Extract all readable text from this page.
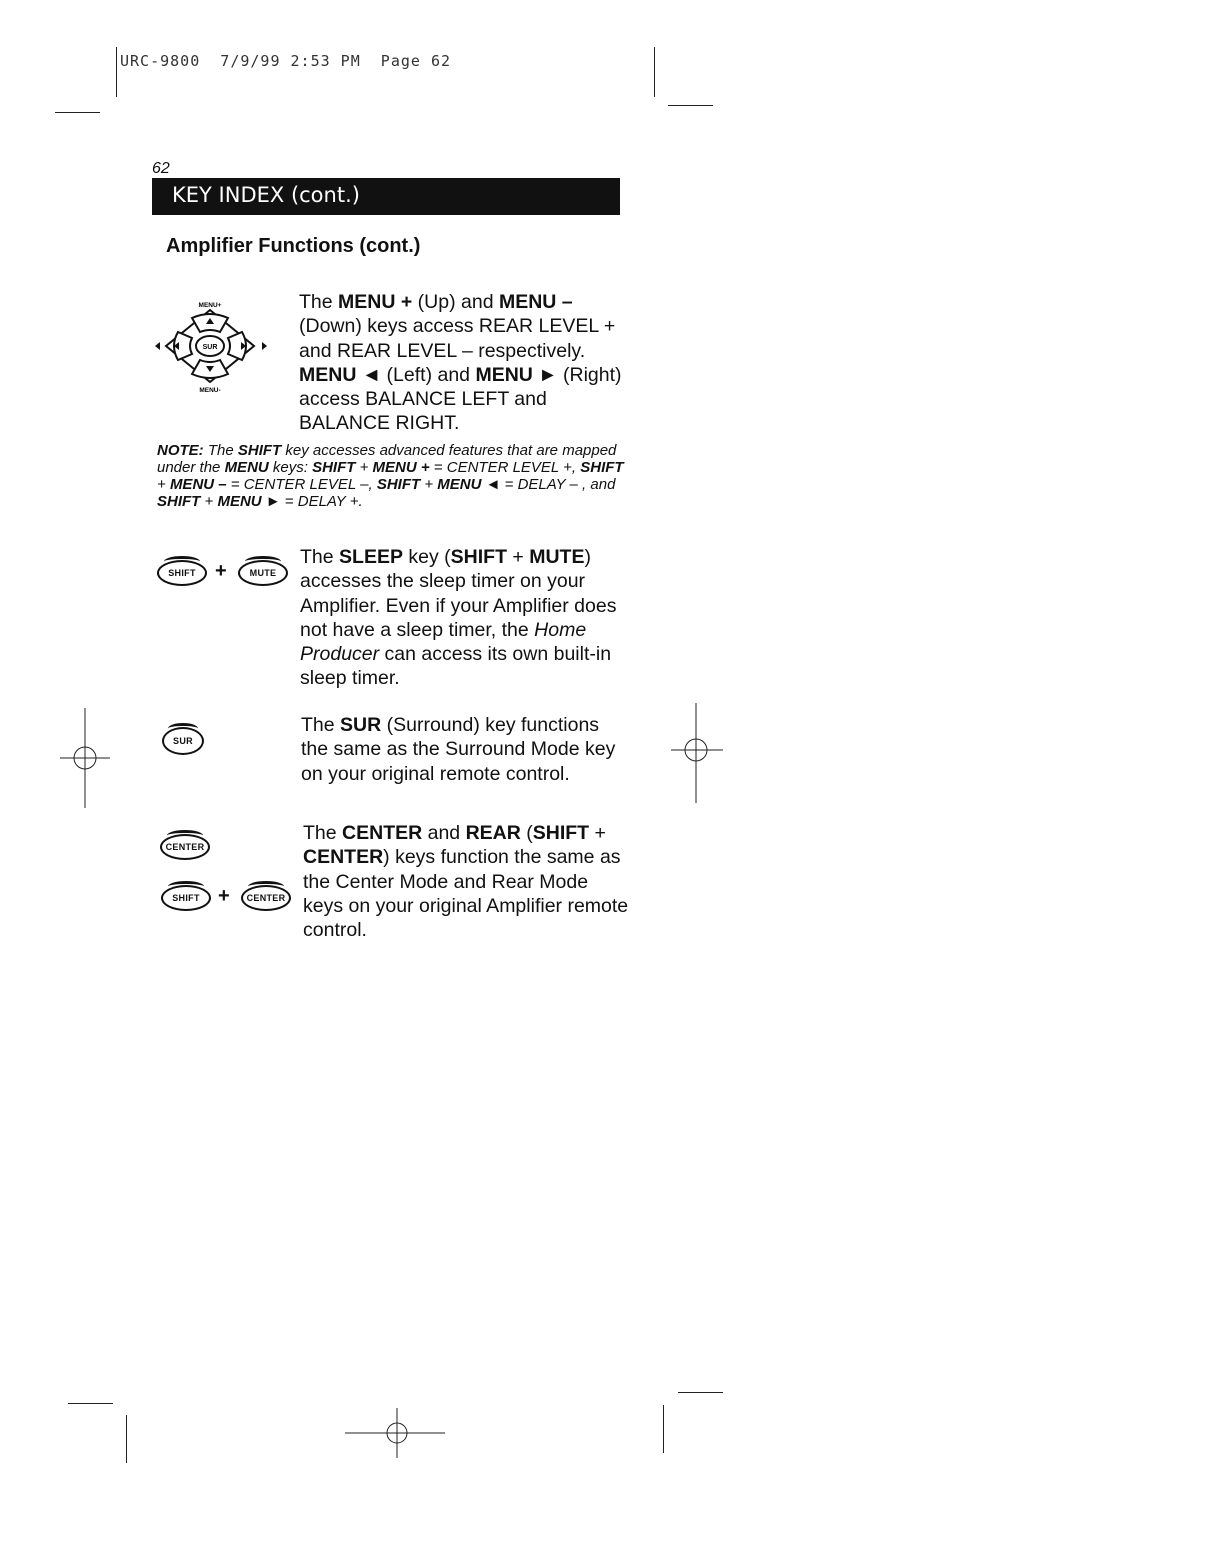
URC-9800  7/9/99 2:53 PM  Page 62
62
KEY INDEX (cont.)
Amplifier Functions (cont.)
MENU+
MENU-
SUR
The MENU + (Up) and MENU – (Down) keys access REAR LEVEL + and REAR LEVEL – respectively.
MENU ◄ (Left) and MENU ► (Right) access BALANCE LEFT and BALANCE RIGHT.
NOTE: The SHIFT key accesses advanced features that are mapped under the MENU keys: SHIFT + MENU + = CENTER LEVEL +, SHIFT + MENU – = CENTER LEVEL –, SHIFT + MENU ◄ = DELAY – , and SHIFT + MENU ► = DELAY +.
SHIFT +	MUTE
The SLEEP key (SHIFT + MUTE) accesses the sleep timer on your Amplifier. Even if your Amplifier does not have a sleep timer, the Home Producer can access its own built-in sleep timer.
SUR
The SUR (Surround) key functions the same as the Surround Mode key on your original remote control.
CENTER
SHIFT +	CENTER
The CENTER and REAR (SHIFT + CENTER) keys function the same as the Center Mode and Rear Mode keys on your original Amplifier remote control.
